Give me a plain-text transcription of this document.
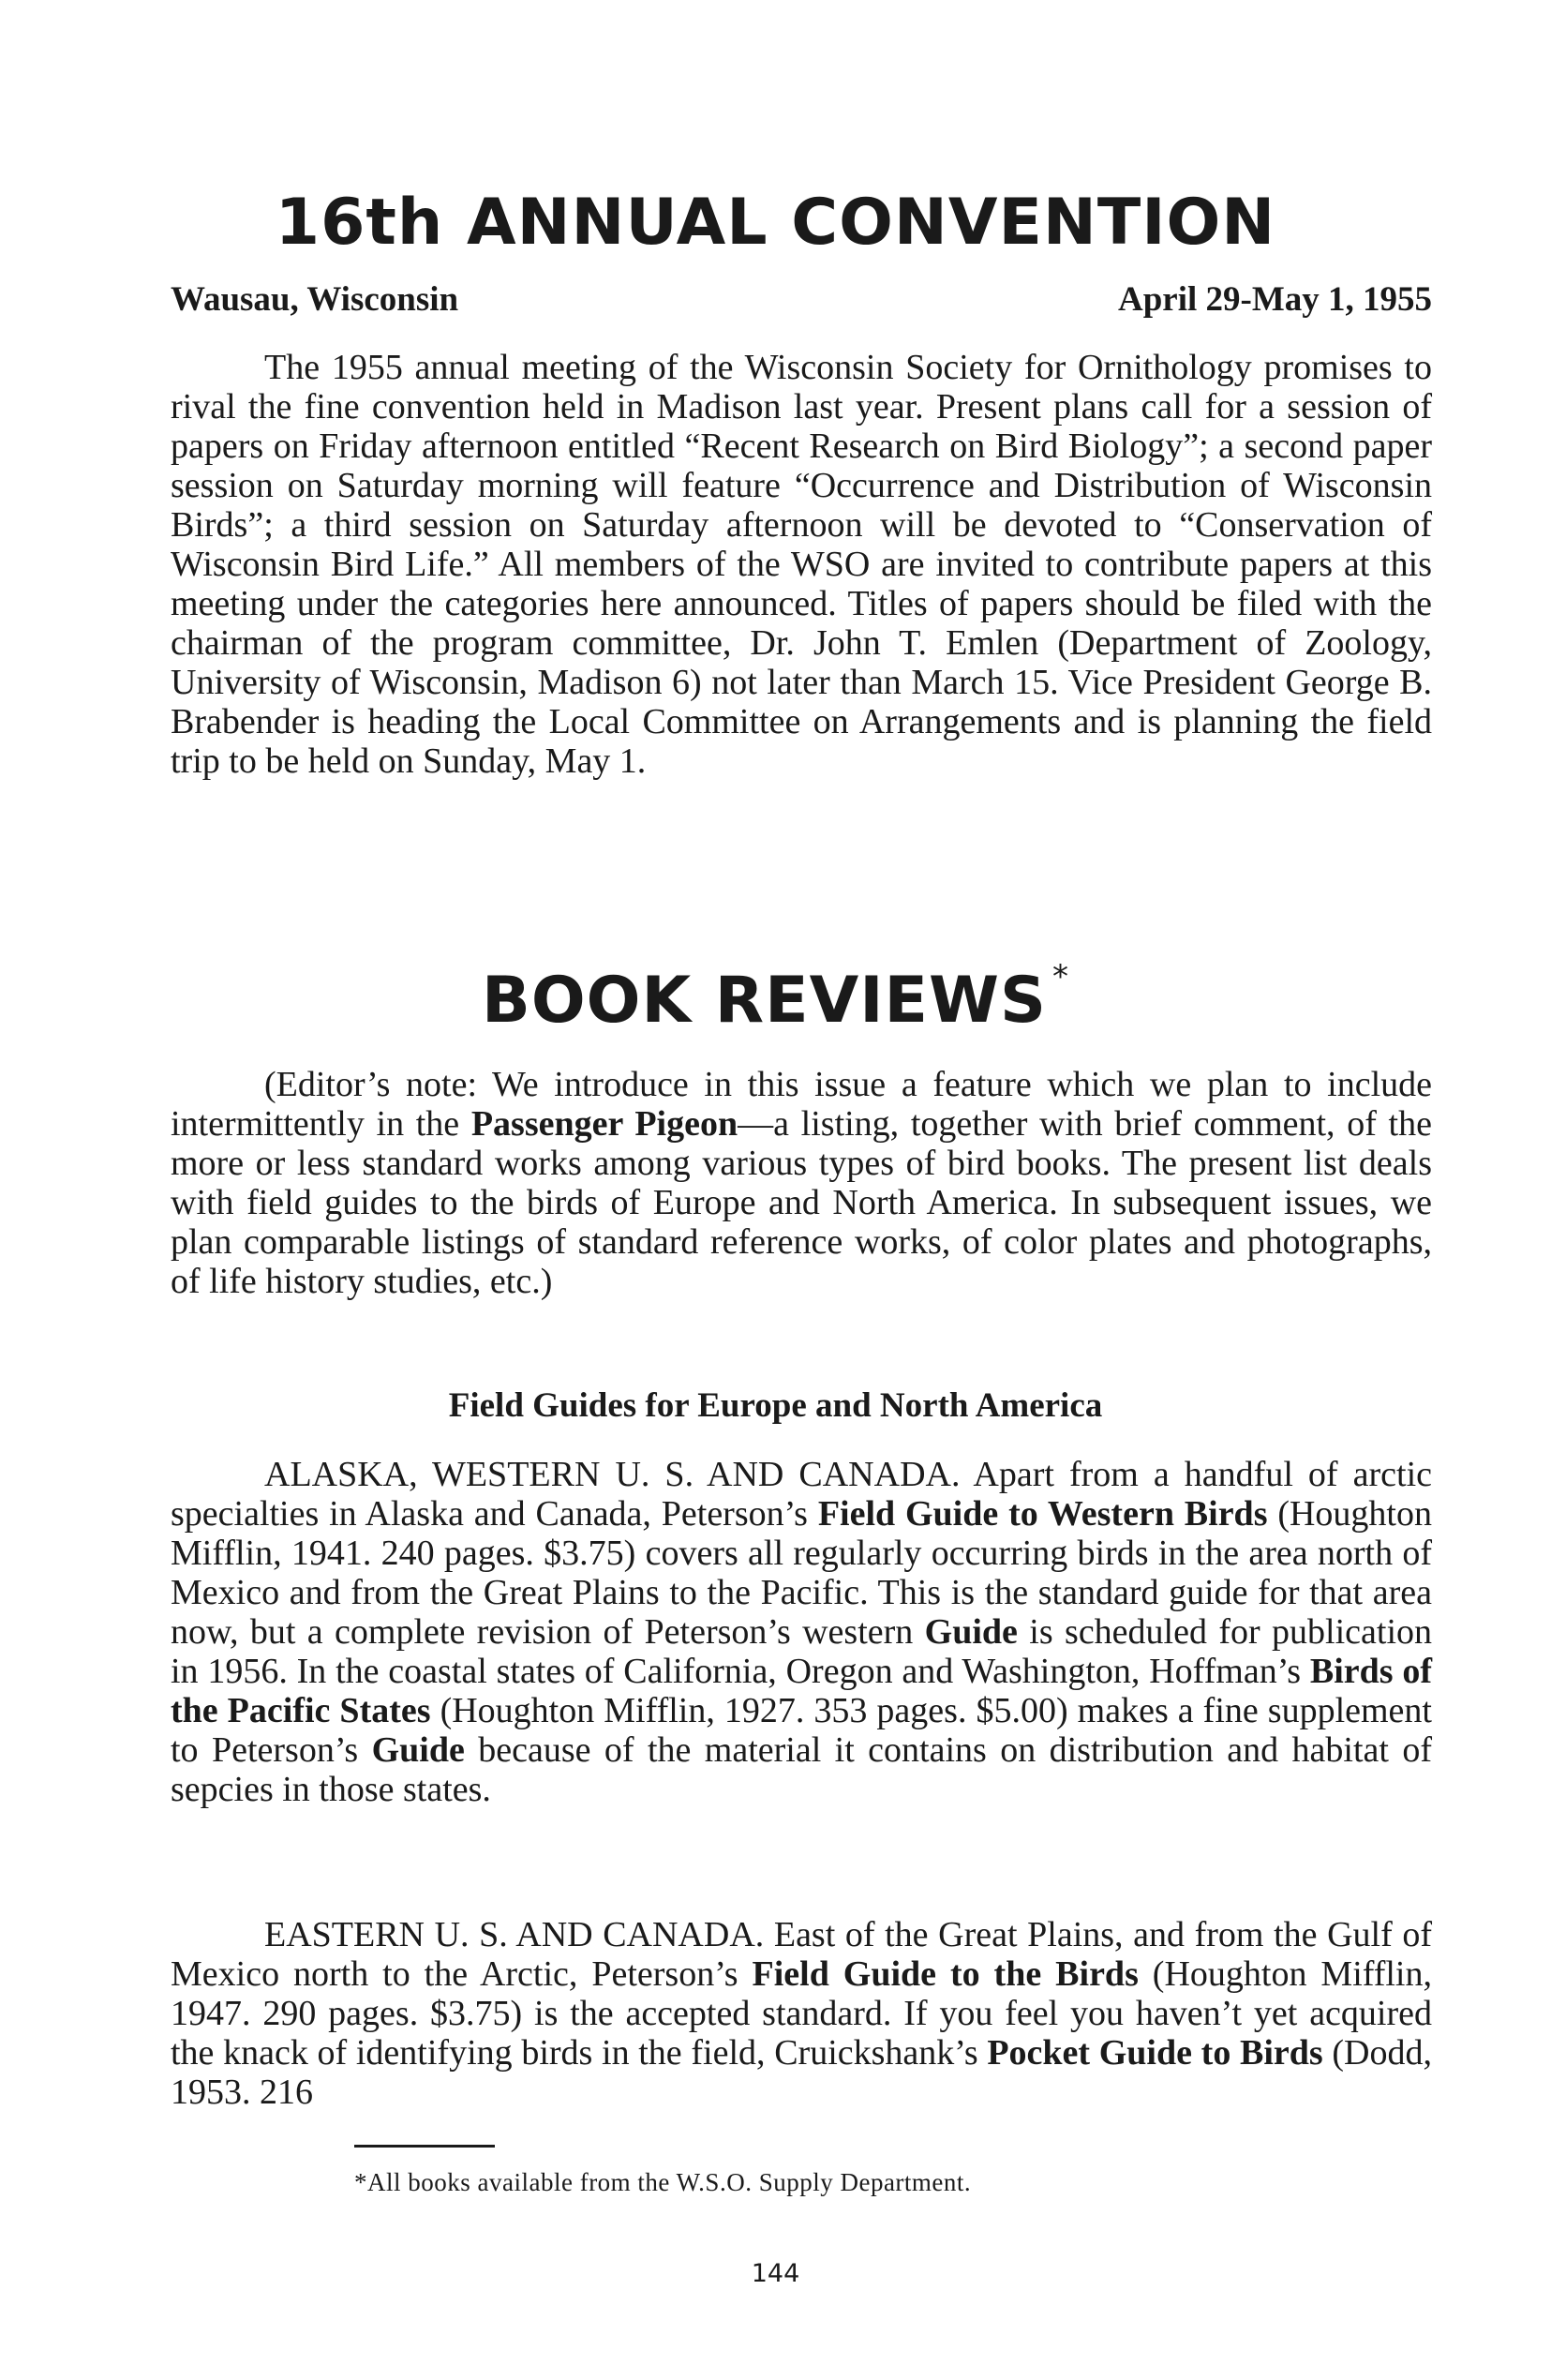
16th ANNUAL CONVENTION
Wausau, Wisconsin	April 29-May 1, 1955

The 1955 annual meeting of the Wisconsin Society for Ornithology promises to rival the fine convention held in Madison last year. Present plans call for a session of papers on Friday afternoon entitled “Recent Research on Bird Biology”; a second paper session on Saturday morning will feature “Occurrence and Distribution of Wisconsin Birds”; a third session on Saturday afternoon will be devoted to “Conservation of Wisconsin Bird Life.” All members of the WSO are invited to contribute papers at this meeting under the categories here announced. Titles of papers should be filed with the chairman of the program committee, Dr. John T. Emlen (Department of Zoology, University of Wisconsin, Madison 6) not later than March 15. Vice President George B. Brabender is heading the Local Committee on Arrangements and is planning the field trip to be held on Sunday, May 1.

BOOK REVIEWS *

(Editor’s note: We introduce in this issue a feature which we plan to include intermittently in the Passenger Pigeon—a listing, together with brief comment, of the more or less standard works among various types of bird books. The present list deals with field guides to the birds of Europe and North America. In subsequent issues, we plan comparable listings of standard reference works, of color plates and photographs, of life history studies, etc.)

Field Guides for Europe and North America

ALASKA, WESTERN U. S. AND CANADA. Apart from a handful of arctic specialties in Alaska and Canada, Peterson’s Field Guide to Western Birds (Houghton Mifflin, 1941. 240 pages. $3.75) covers all regularly occurring birds in the area north of Mexico and from the Great Plains to the Pacific. This is the standard guide for that area now, but a complete revision of Peterson’s western Guide is scheduled for publication in 1956. In the coastal states of California, Oregon and Washington, Hoffman’s Birds of the Pacific States (Houghton Mifflin, 1927. 353 pages. $5.00) makes a fine supplement to Peterson’s Guide because of the material it contains on distribution and habitat of sepcies in those states.

EASTERN U. S. AND CANADA. East of the Great Plains, and from the Gulf of Mexico north to the Arctic, Peterson’s Field Guide to the Birds (Houghton Mifflin, 1947. 290 pages. $3.75) is the accepted standard. If you feel you haven’t yet acquired the knack of identifying birds in the field, Cruickshank’s Pocket Guide to Birds (Dodd, 1953. 216

*All books available from the W.S.O. Supply Department.

144
